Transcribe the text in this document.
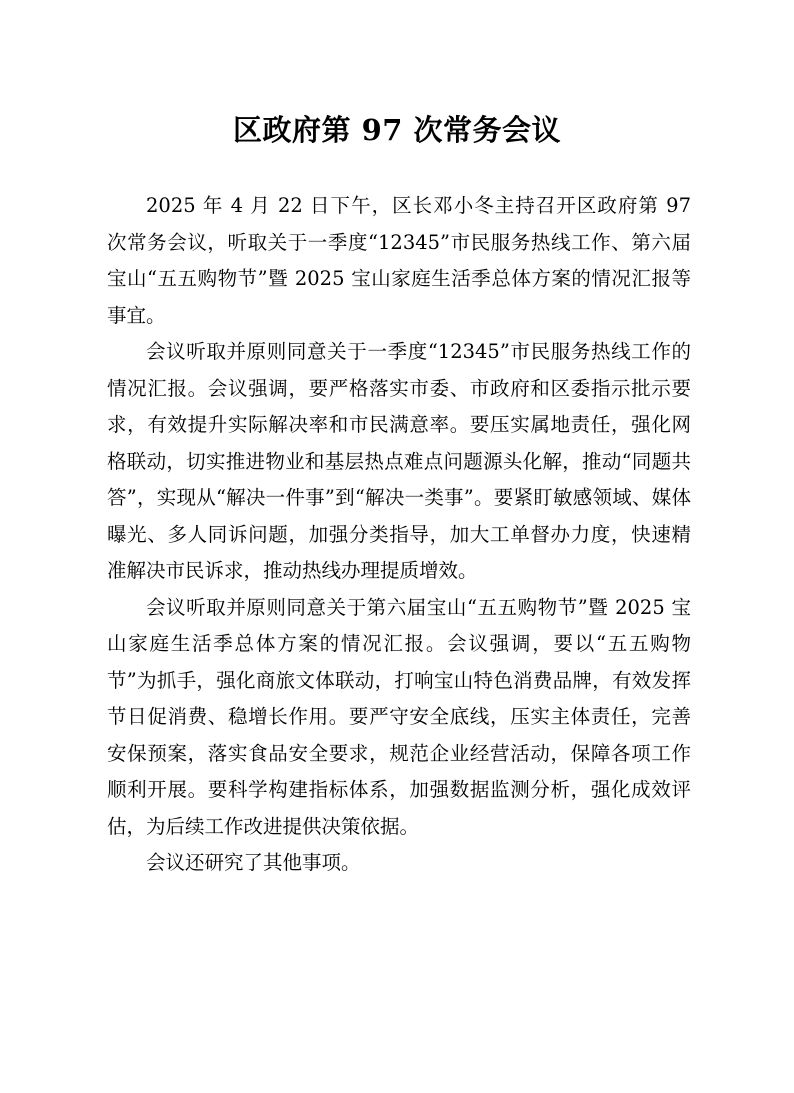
区政府第 97 次常务会议

2025 年 4 月 22 日下午，区长邓小冬主持召开区政府第 97 次常务会议，听取关于一季度“12345”市民服务热线工作、第六届宝山“五五购物节”暨 2025 宝山家庭生活季总体方案的情况汇报等事宜。

会议听取并原则同意关于一季度“12345”市民服务热线工作的情况汇报。会议强调，要严格落实市委、市政府和区委指示批示要求，有效提升实际解决率和市民满意率。要压实属地责任，强化网格联动，切实推进物业和基层热点难点问题源头化解，推动“同题共答”，实现从“解决一件事”到“解决一类事”。要紧盯敏感领域、媒体曝光、多人同诉问题，加强分类指导，加大工单督办力度，快速精准解决市民诉求，推动热线办理提质增效。

会议听取并原则同意关于第六届宝山“五五购物节”暨 2025 宝山家庭生活季总体方案的情况汇报。会议强调，要以“五五购物节”为抓手，强化商旅文体联动，打响宝山特色消费品牌，有效发挥节日促消费、稳增长作用。要严守安全底线，压实主体责任，完善安保预案，落实食品安全要求，规范企业经营活动，保障各项工作顺利开展。要科学构建指标体系，加强数据监测分析，强化成效评估，为后续工作改进提供决策依据。

会议还研究了其他事项。
